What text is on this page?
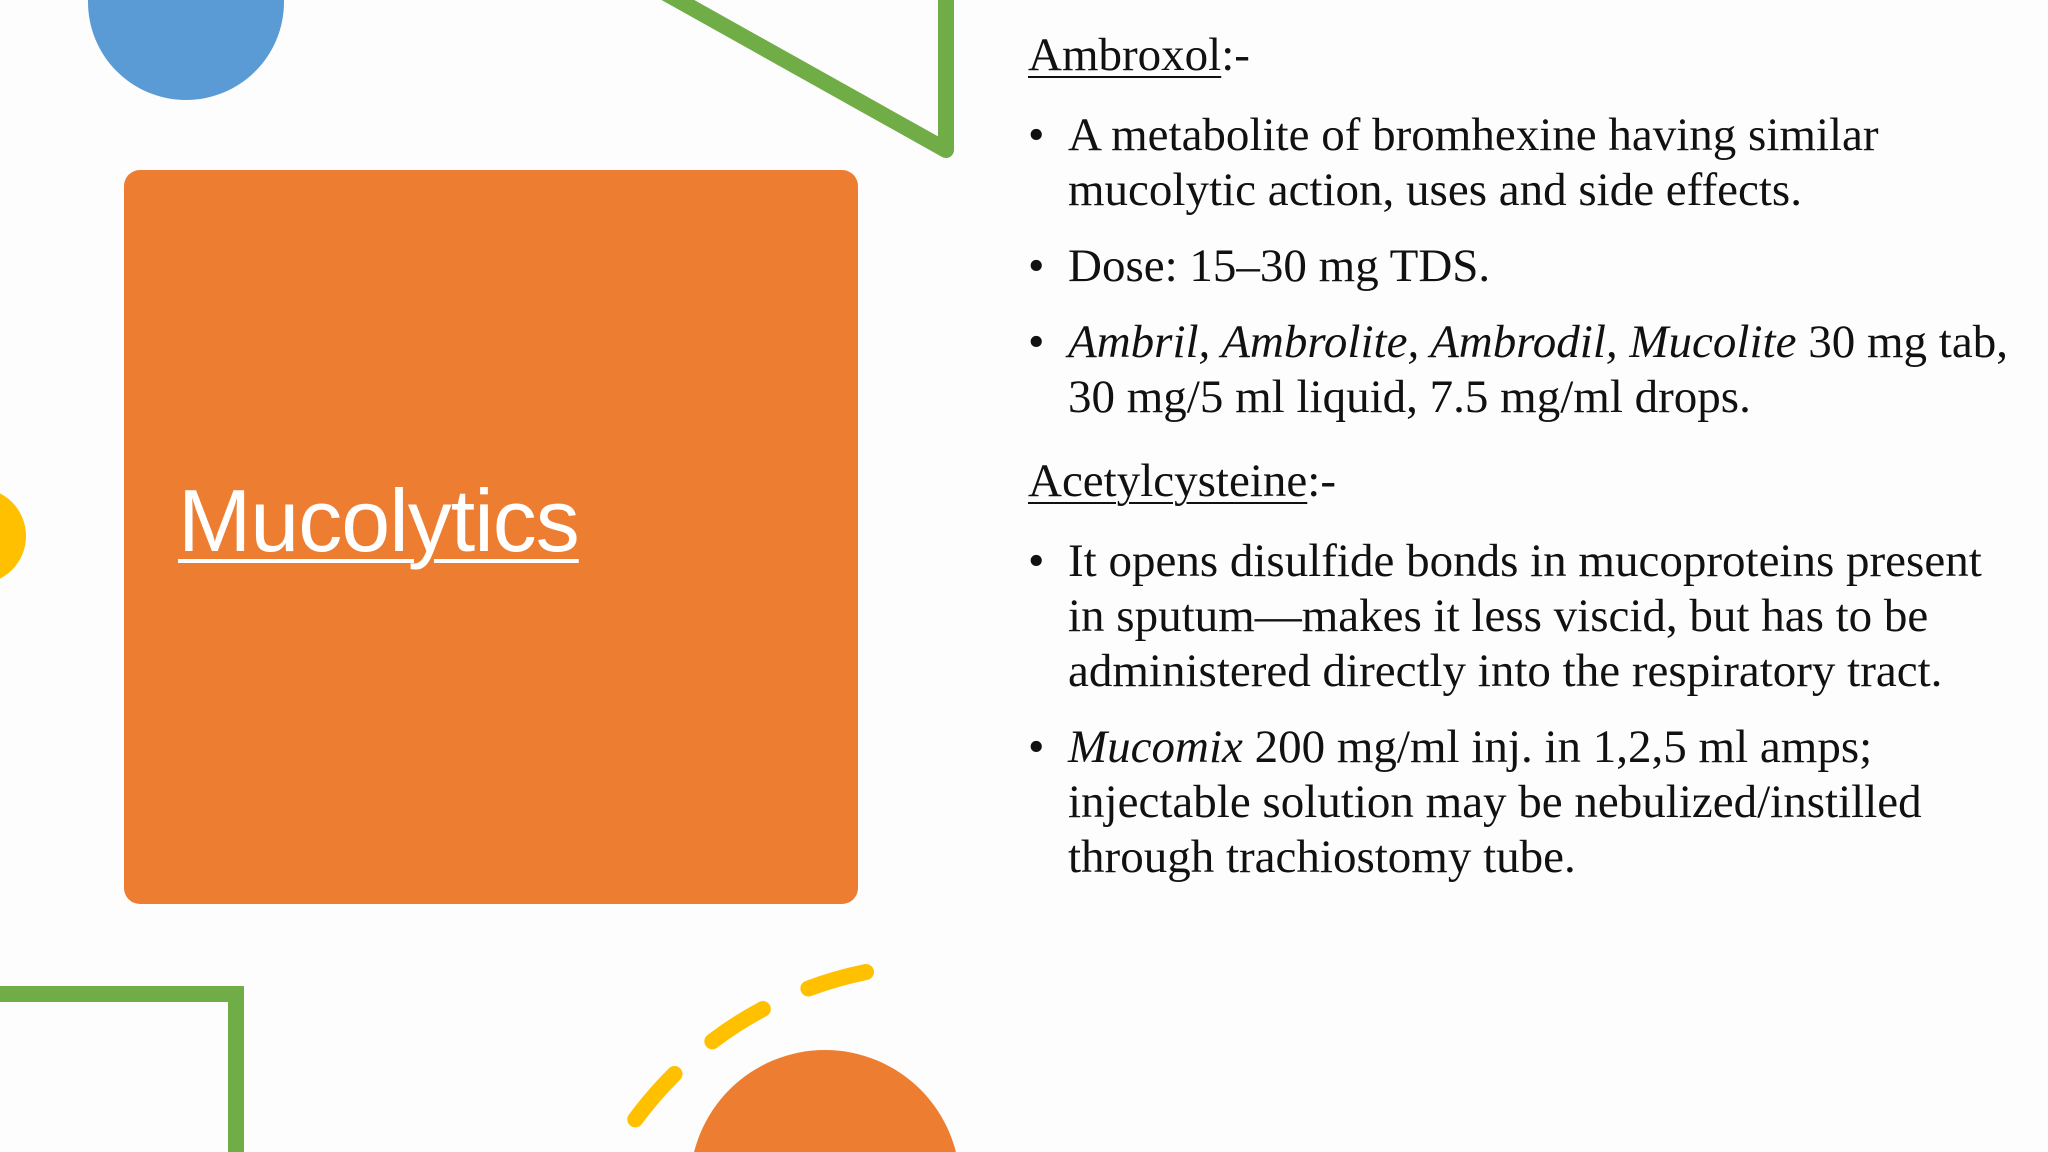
Mucolytics
Ambroxol:-
• A metabolite of bromhexine having similar mucolytic action, uses and side effects.
• Dose: 15–30 mg TDS.
• Ambril, Ambrolite, Ambrodil, Mucolite 30 mg tab, 30 mg/5 ml liquid, 7.5 mg/ml drops.
Acetylcysteine:-
• It opens disulfide bonds in mucoproteins present in sputum—makes it less viscid, but has to be administered directly into the respiratory tract.
• Mucomix 200 mg/ml inj. in 1,2,5 ml amps; injectable solution may be nebulized/instilled through trachiostomy tube.
